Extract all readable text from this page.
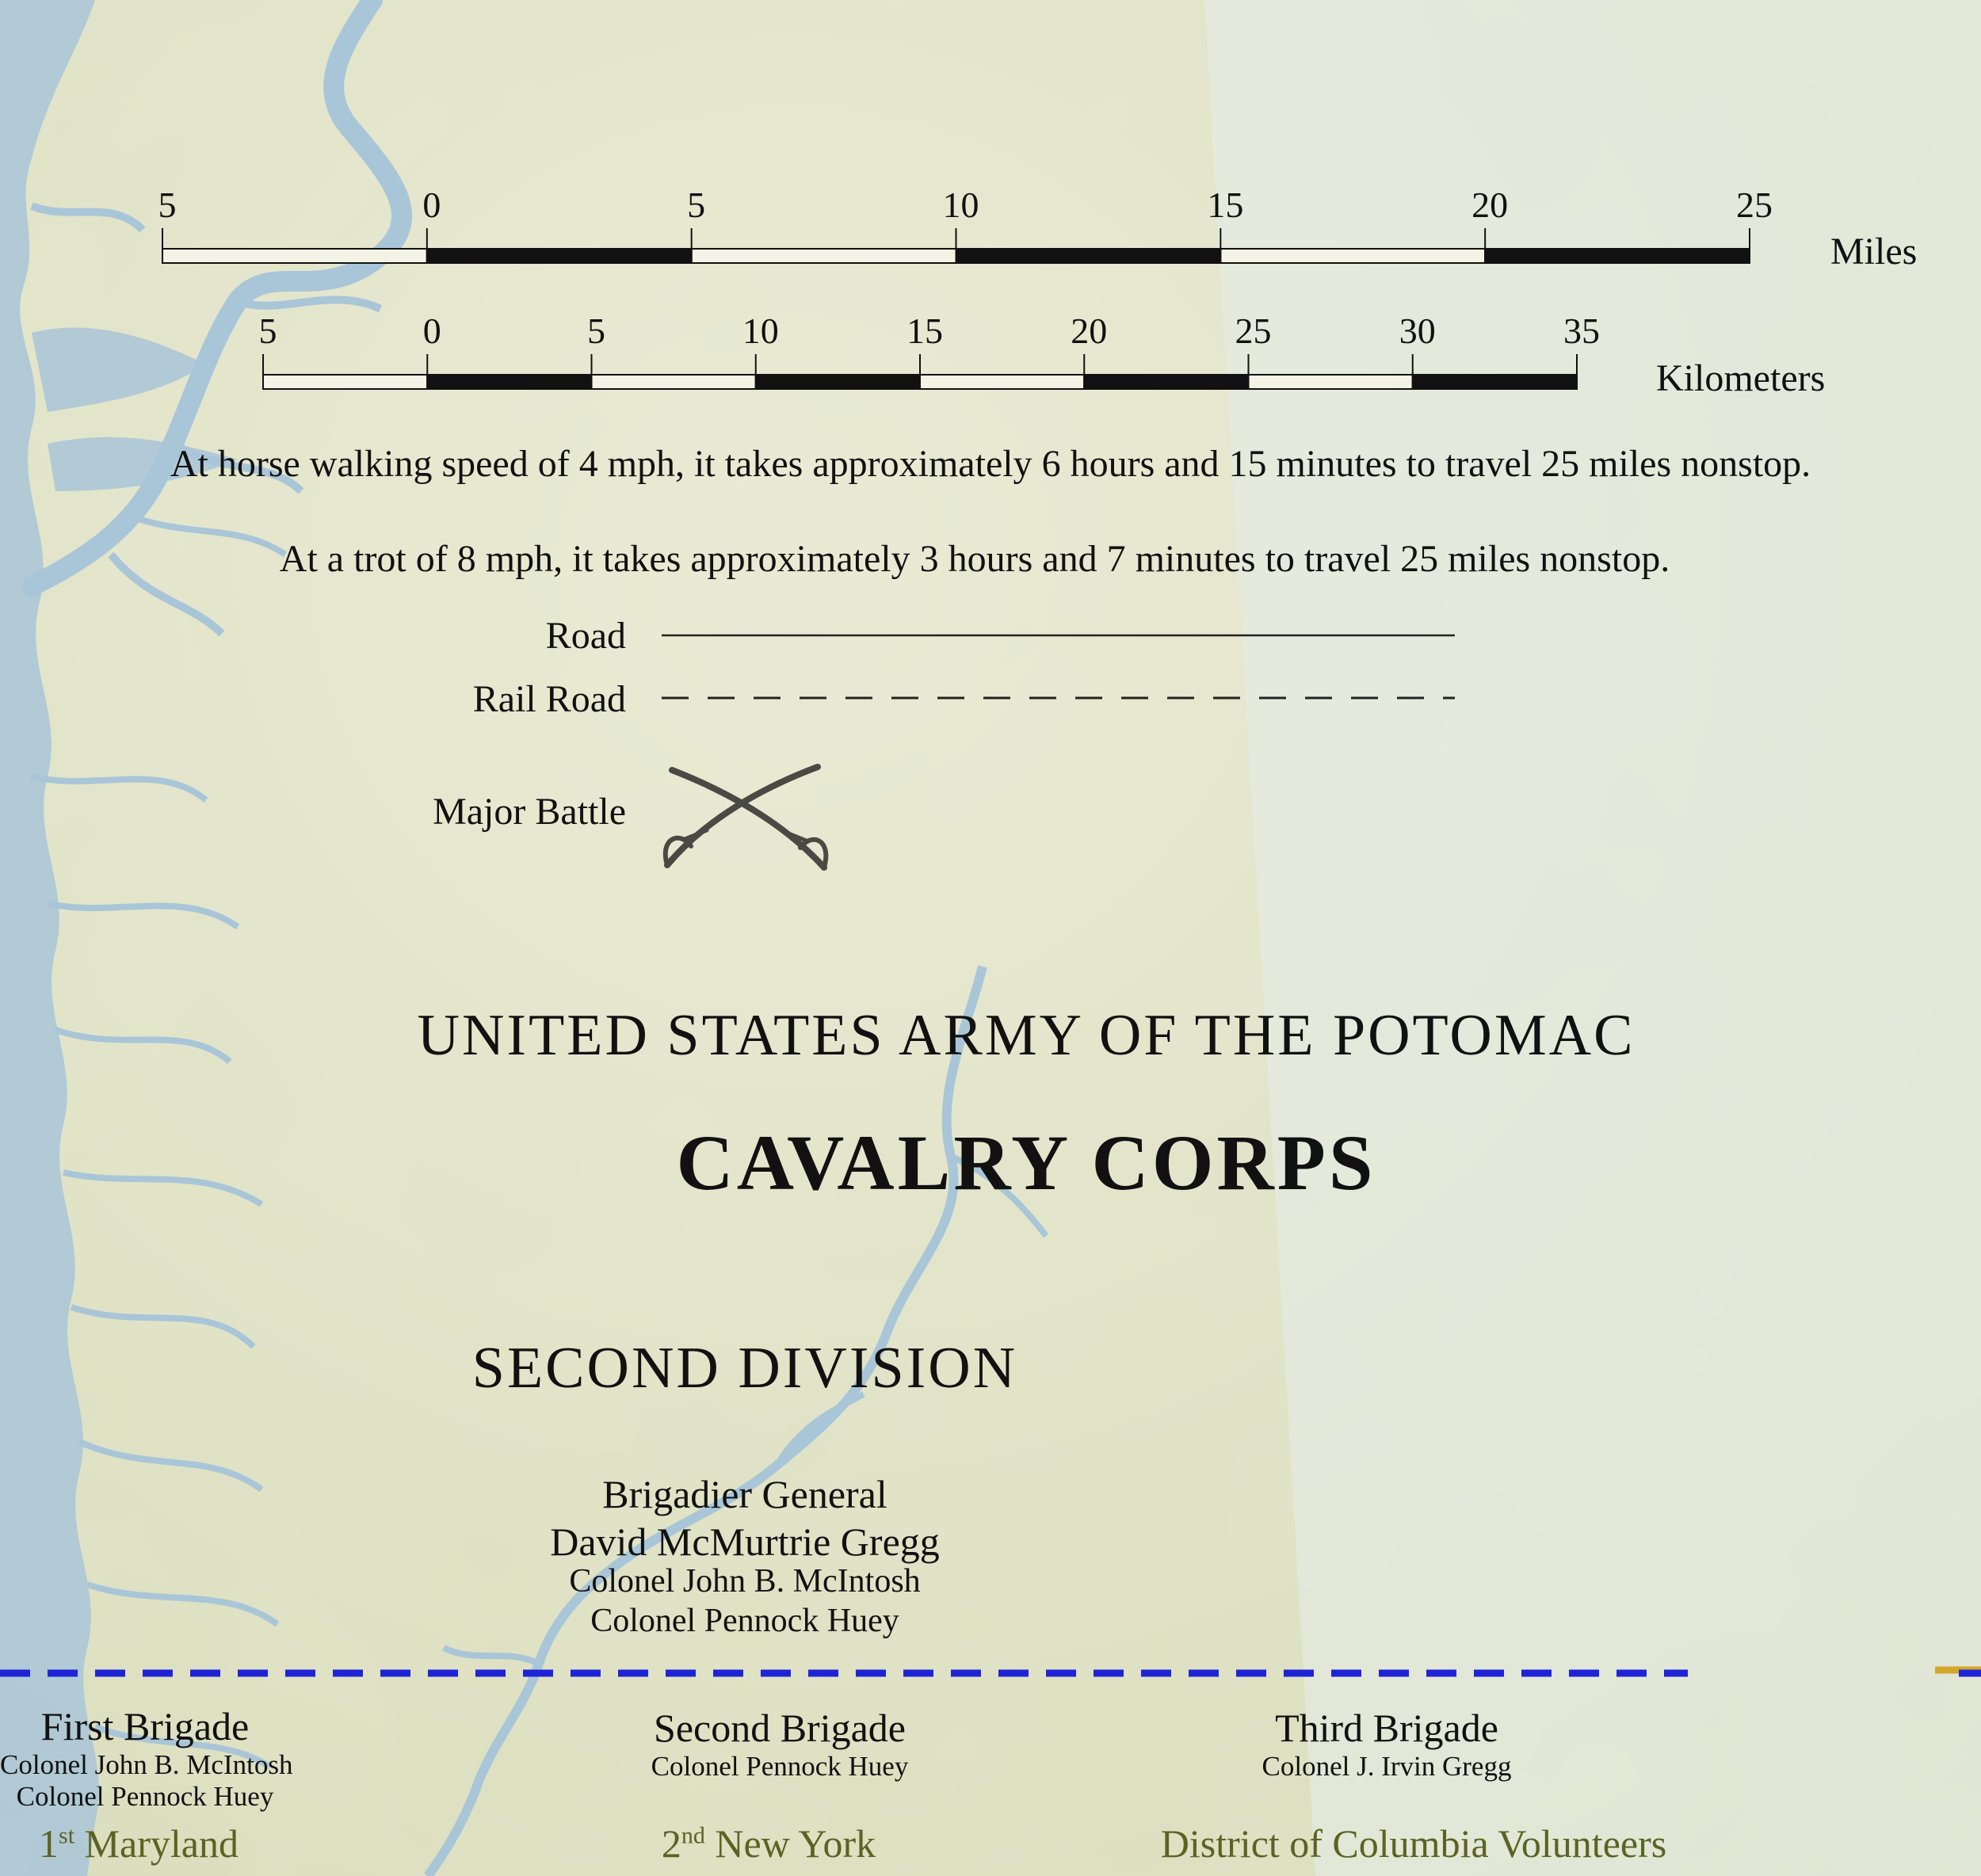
5	0	5	10	15	20	25
Miles
5	0	5	10	15	20	25	30	35
Kilometers
At horse walking speed of 4 mph, it takes approximately 6 hours and 15 minutes to travel 25 miles nonstop.
At a trot of 8 mph, it takes approximately 3 hours and 7 minutes to travel 25 miles nonstop.
Road
Rail Road
Major Battle
UNITED STATES ARMY OF THE POTOMAC
CAVALRY CORPS
SECOND DIVISION
Brigadier General
David McMurtrie Gregg
Colonel John B. McIntosh
Colonel Pennock Huey
First Brigade
Colonel John B. McIntosh
Colonel Pennock Huey
Second Brigade
Colonel Pennock Huey
Third Brigade
Colonel J. Irvin Gregg
1st Maryland	2nd New York	District of Columbia Volunteers
